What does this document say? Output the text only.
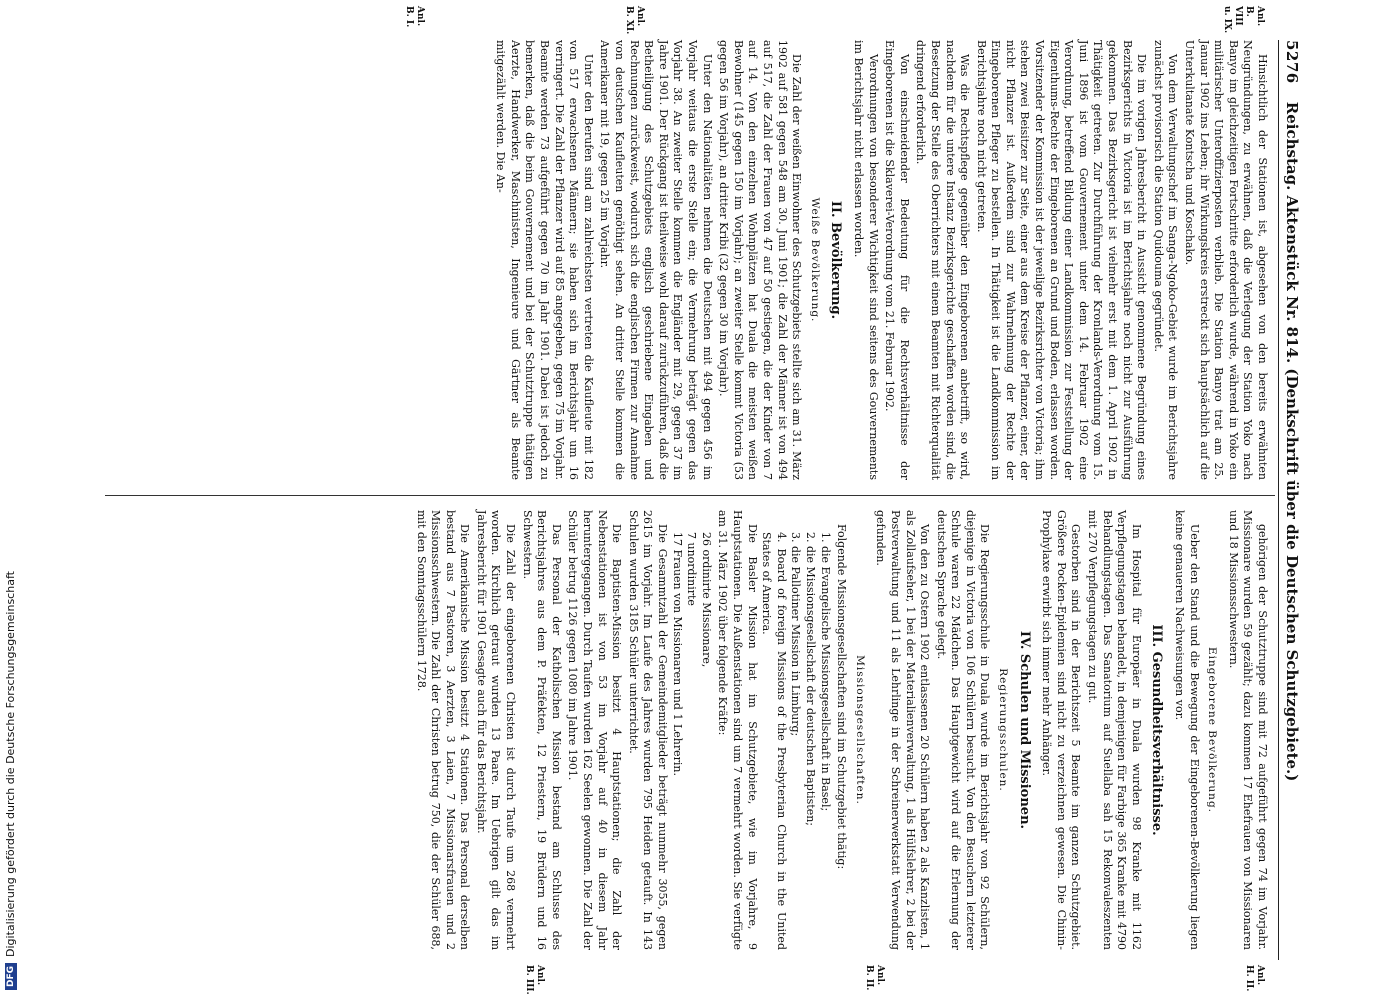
5276
Reichstag. Aktenstück Nr. 814. (Denkschrift über die Deutschen Schutzgebiete.)

Hinsichtlich der Stationen ist, abgesehen von den bereits erwähnten Neugründungen, zu erwähnen, daß die Verlegung der Station Yoko nach Banyo im gleichzeitigen Fortschritte erforderlich wurde, während in Yoko ein militärischer Unteroffizierposten verblieb. Die Station Banyo trat am 25. Januar 1902 ins Leben; ihr Wirkungskreis erstreckt sich hauptsächlich auf die Unterkultanate Kontscha und Koschako.

Von dem Verwaltungschef im Sanga-Ngoko-Gebiet wurde im Berichtsjahre zunächst provisorisch die Station Quidouma gegründet.

Die im vorigen Jahresbericht in Aussicht genommene Begründung eines Bezirksgerichts in Victoria ist im Berichtsjahre noch nicht zur Ausführung gekommen. Das Bezirksgericht ist vielmehr erst mit dem 1. April 1902 in Thätigkeit getreten. Zur Durchführung der Kronlands-Verordnung vom 15. Juni 1896 ist vom Gouvernement unter dem 14. Februar 1902 eine Verordnung, betreffend Bildung einer Landkommission zur Feststellung der Eigenthums-Rechte der Eingeborenen an Grund und Boden, erlassen worden. Vorsitzender der Kommission ist der jeweilige Bezirksrichter von Victoria; ihm stehen zwei Beisitzer zur Seite, einer aus dem Kreise der Pflanzer, einer, der nicht Pflanzer ist. Außerdem sind zur Wahrnehmung der Rechte der Eingeborenen Pfleger zu bestellen. In Thätigkeit ist die Landkommission im Berichtsjahre noch nicht getreten.

Was die Rechtspflege gegenüber den Eingeborenen anbetrifft, so wird, nachdem für die untere Instanz Bezirksgerichte geschaffen worden sind, die Besetzung der Stelle des Oberrichters mit einem Beamten mit Richterqualität dringend erforderlich.

Von einschneidender Bedeutung für die Rechtsverhältnisse der Eingeborenen ist die Sklaverei-Verordnung vom 21. Februar 1902.

Verordnungen von besonderer Wichtigkeit sind seitens des Gouvernements im Berichtsjahr nicht erlassen worden.

II. Bevölkerung.
Weiße Bevölkerung.

Die Zahl der weißen Einwohner des Schutzgebiets stellte sich am 31. März 1902 auf 581 gegen 548 am 30. Juni 1901; die Zahl der Männer ist von 494 auf 517, die Zahl der Frauen von 47 auf 50 gestiegen, die der Kinder von 7 auf 14. Von den einzelnen Wohnplätzen hat Duala die meisten weißen Bewohner (145 gegen 150 im Vorjahr); an zweiter Stelle kommt Victoria (53 gegen 56 im Vorjahr), an dritter Kribi (32 gegen 30 im Vorjahr).

Unter den Nationalitäten nehmen die Deutschen mit 494 gegen 456 im Vorjahr weitaus die erste Stelle ein; die Vermehrung beträgt gegen das Vorjahr 38. An zweiter Stelle kommen die Engländer mit 29, gegen 37 im Jahre 1901. Der Rückgang ist theilweise wohl darauf zurückzuführen, daß die Betheiligung des Schutzgebiets englisch geschriebene Eingaben und Rechnungen zurückweist, wodurch sich die englischen Firmen zur Annahme von deutschen Kaufleuten genöthigt sehen. An dritter Stelle kommen die Amerikaner mit 19, gegen 25 im Vorjahr.

Unter den Berufen sind am zahlreichsten vertreten die Kaufleute mit 182 von 517 erwachsenen Männern; sie haben sich im Berichtsjahr um 16 verringert. Die Zahl der Pflanzer wird auf 85 angegeben, gegen 75 im Vorjahr. Beamte werden 73 aufgeführt gegen 70 im Jahr 1901. Dabei ist jedoch zu bemerken, daß die beim Gouvernement und bei der Schutztruppe thätigen Aerzte, Handwerker, Maschinisten, Ingenieure und Gärtner als Beamte mitgezählt werden. Die An-

gehörigen der Schutztruppe sind mit 72 aufgeführt gegen 74 im Vorjahr. Missionare wurden 59 gezählt; dazu kommen 17 Ehefrauen von Missionaren und 18 Missionsschwestern.

Eingeborene Bevölkerung.

Ueber den Stand und die Bewegung der Eingeborenen-Bevölkerung liegen keine genaueren Nachweisungen vor.

III. Gesundheitsverhältnisse.

Im Hospital für Europäer in Duala wurden 98 Kranke mit 1162 Verpflegungstagen behandelt, in demjenigen für Farbige 365 Kranke mit 4790 Behandlungstagen. Das Sanatorium auf Suellaba sah 15 Rekonvaleszenten mit 270 Verpflegungstagen zu gut.

Gestorben sind in der Berichtszeit 5 Beamte im ganzen Schutzgebiet. Größere Pocken-Epidemien sind nicht zu verzeichnen gewesen. Die Chinin-Prophylaxe erwirbt sich immer mehr Anhänger.

IV. Schulen und Missionen.
Regierungsschulen.

Die Regierungsschule in Duala wurde im Berichtsjahr von 92 Schülern, diejenige in Victoria von 106 Schülern besucht. Von den Besuchern letzterer Schule waren 22 Mädchen. Das Hauptgewicht wird auf die Erlernung der deutschen Sprache gelegt.

Von den zu Ostern 1902 entlassenen 20 Schülern haben 2 als Kanzlisten, 1 als Zollaufseher, 1 bei der Materialienverwaltung, 1 als Hülfslehrer, 2 bei der Postverwaltung und 11 als Lehrlinge in der Schreinerwerkstatt Verwendung gefunden.

Missionsgesellschaften.

Folgende Missionsgesellschaften sind im Schutzgebiet thätig:

1. die Evangelische Missionsgesellschaft in Basel;
2. die Missionsgesellschaft der deutschen Baptisten;
3. die Pallotiner Mission in Limburg;
4. Board of foreign Missions of the Presbyterian Church in the United States of America.

Die Basler Mission hat im Schutzgebiete, wie im Vorjahre, 9 Hauptstationen. Die Außenstationen sind um 7 vermehrt worden. Sie verfügte am 31. März 1902 über folgende Kräfte:

26 ordinirte Missionare,
7 unordinirte
17 Frauen von Missionaren und 1 Lehrerin.

Die Gesammtzahl der Gemeindemitglieder beträgt nunmehr 3055, gegen 2615 im Vorjahr. Im Laufe des Jahres wurden 795 Heiden getauft. In 143 Schulen wurden 3185 Schüler unterrichtet.

Die Baptisten-Mission besitzt 4 Hauptstationen; die Zahl der Nebenstationen ist von 53 im Vorjahr auf 40 in diesem Jahr heruntergegangen. Durch Taufen wurden 162 Seelen gewonnen. Die Zahl der Schüler betrug 1126 gegen 1080 im Jahre 1901.

Das Personal der Katholischen Mission bestand am Schlusse des Berichtsjahres aus dem P. Präfekten, 12 Priestern, 19 Brüdern und 16 Schwestern.

Die Zahl der eingeborenen Christen ist durch Taufe um 268 vermehrt worden. Kirchlich getraut wurden 13 Paare. Im Uebrigen gilt das im Jahresbericht für 1901 Gesagte auch für das Berichtsjahr.

Die Amerikanische Mission besitzt 4 Stationen. Das Personal derselben bestand aus 7 Pastoren, 3 Aerzten, 3 Laien, 7 Missionarsfrauen und 2 Missionsschwestern. Die Zahl der Christen betrug 750, die der Schüler 688, mit den Sonntagsschülern 1728.

Anl. B. VIII u. IX.
Anl. B. XI.
Anl. B. I.
Anl. H. II.
Anl. B. II.
Anl. B. III.
DFG
Digitalisierung gefördert durch die Deutsche Forschungsgemeinschaft
